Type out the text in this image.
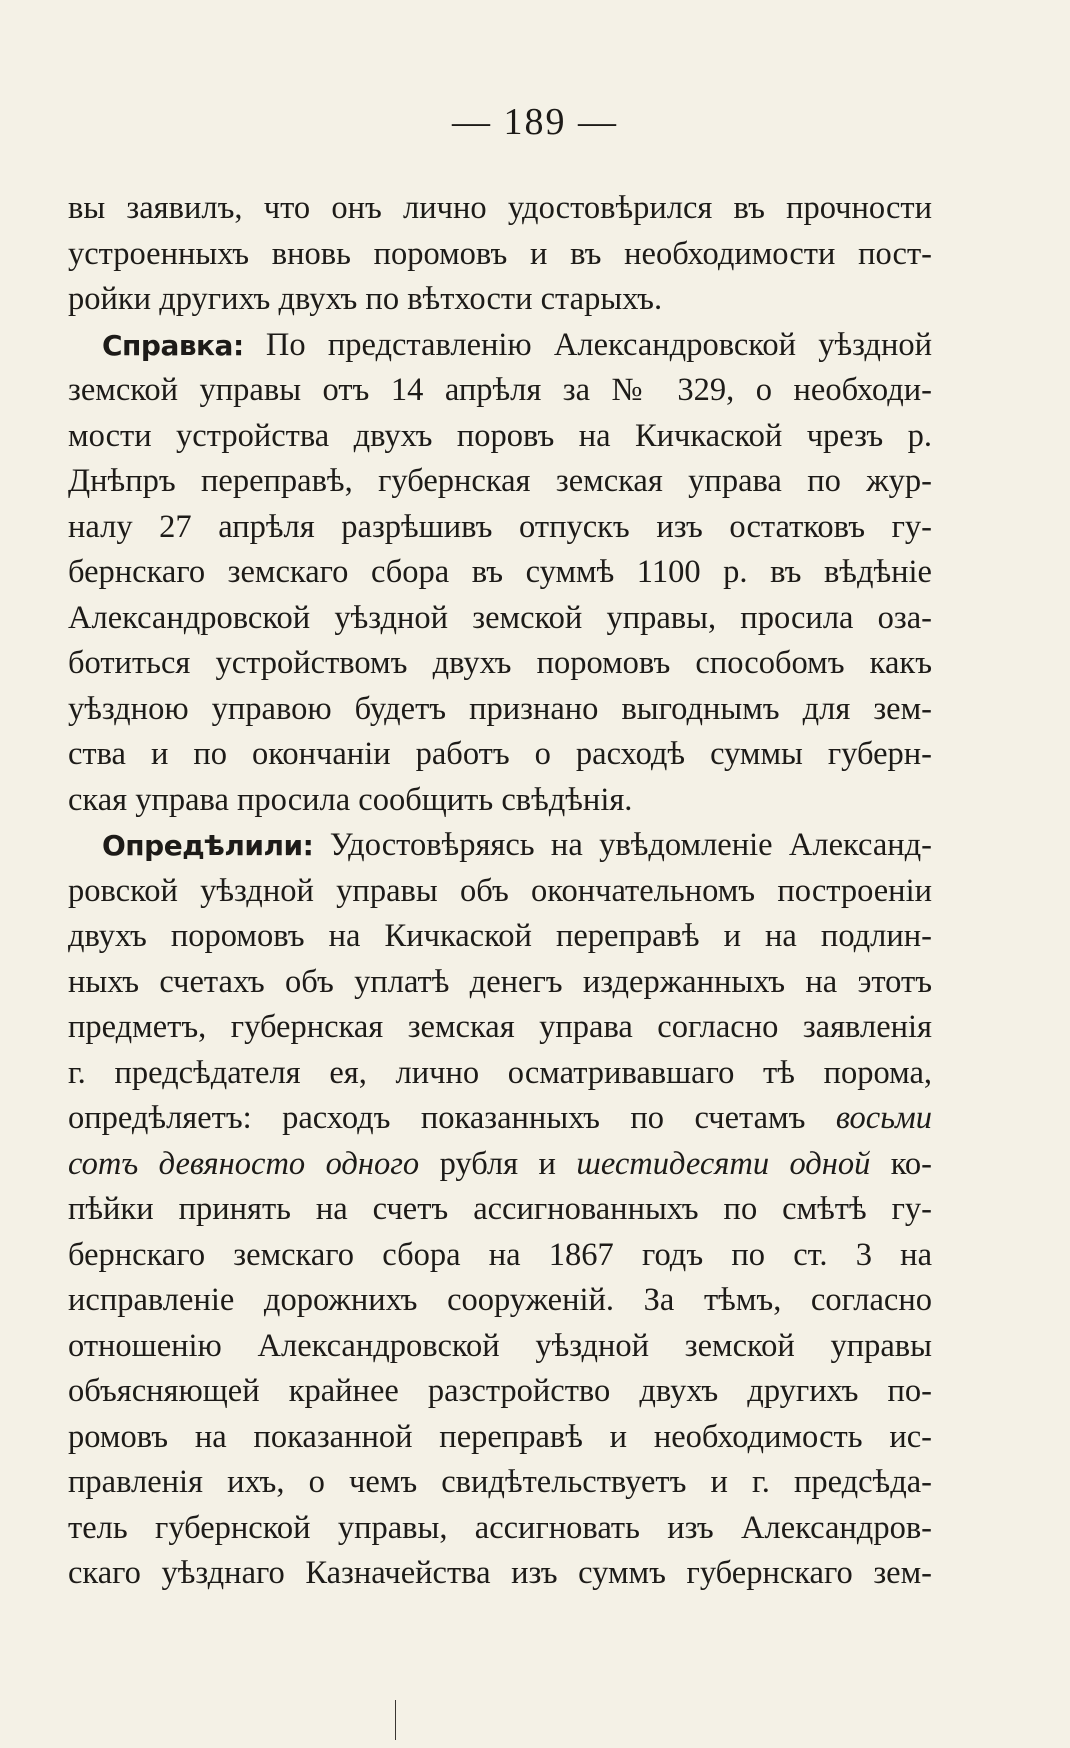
— 189 —
вы заявилъ, что онъ лично удостовѣрился въ прочности
устроенныхъ вновь поромовъ и въ необходимости пост-
ройки другихъ двухъ по вѣтхости старыхъ.
Справка: По представленію Александровской уѣздной
земской управы отъ 14 апрѣля за № 329, о необходи-
мости устройства двухъ поровъ на Кичкаской чрезъ р.
Днѣпръ переправѣ, губернская земская управа по жур-
налу 27 апрѣля разрѣшивъ отпускъ изъ остатковъ гу-
бернскаго земскаго сбора въ суммѣ 1100 р. въ вѣдѣніе
Александровской уѣздной земской управы, просила оза-
ботиться устройствомъ двухъ поромовъ способомъ какъ
уѣздною управою будетъ признано выгоднымъ для зем-
ства и по окончаніи работъ о расходѣ суммы губерн-
ская управа просила сообщить свѣдѣнія.
Опредѣлили: Удостовѣряясь на увѣдомленіе Александ-
ровской уѣздной управы объ окончательномъ построеніи
двухъ поромовъ на Кичкаской переправѣ и на подлин-
ныхъ счетахъ объ уплатѣ денегъ издержанныхъ на этотъ
предметъ, губернская земская управа согласно заявленія
г. предсѣдателя ея, лично осматривавшаго тѣ порома,
опредѣляетъ: расходъ показанныхъ по счетамъ восьми
сотъ девяносто одного рубля и шестидесяти одной ко-
пѣйки принять на счетъ ассигнованныхъ по смѣтѣ гу-
бернскаго земскаго сбора на 1867 годъ по ст. 3 на
исправленіе дорожнихъ сооруженій. За тѣмъ, согласно
отношенію Александровской уѣздной земской управы
объясняющей крайнее разстройство двухъ другихъ по-
ромовъ на показанной переправѣ и необходимость ис-
правленія ихъ, о чемъ свидѣтельствуетъ и г. предсѣда-
тель губернской управы, ассигновать изъ Александров-
скаго уѣзднаго Казначейства изъ суммъ губернскаго зем-
